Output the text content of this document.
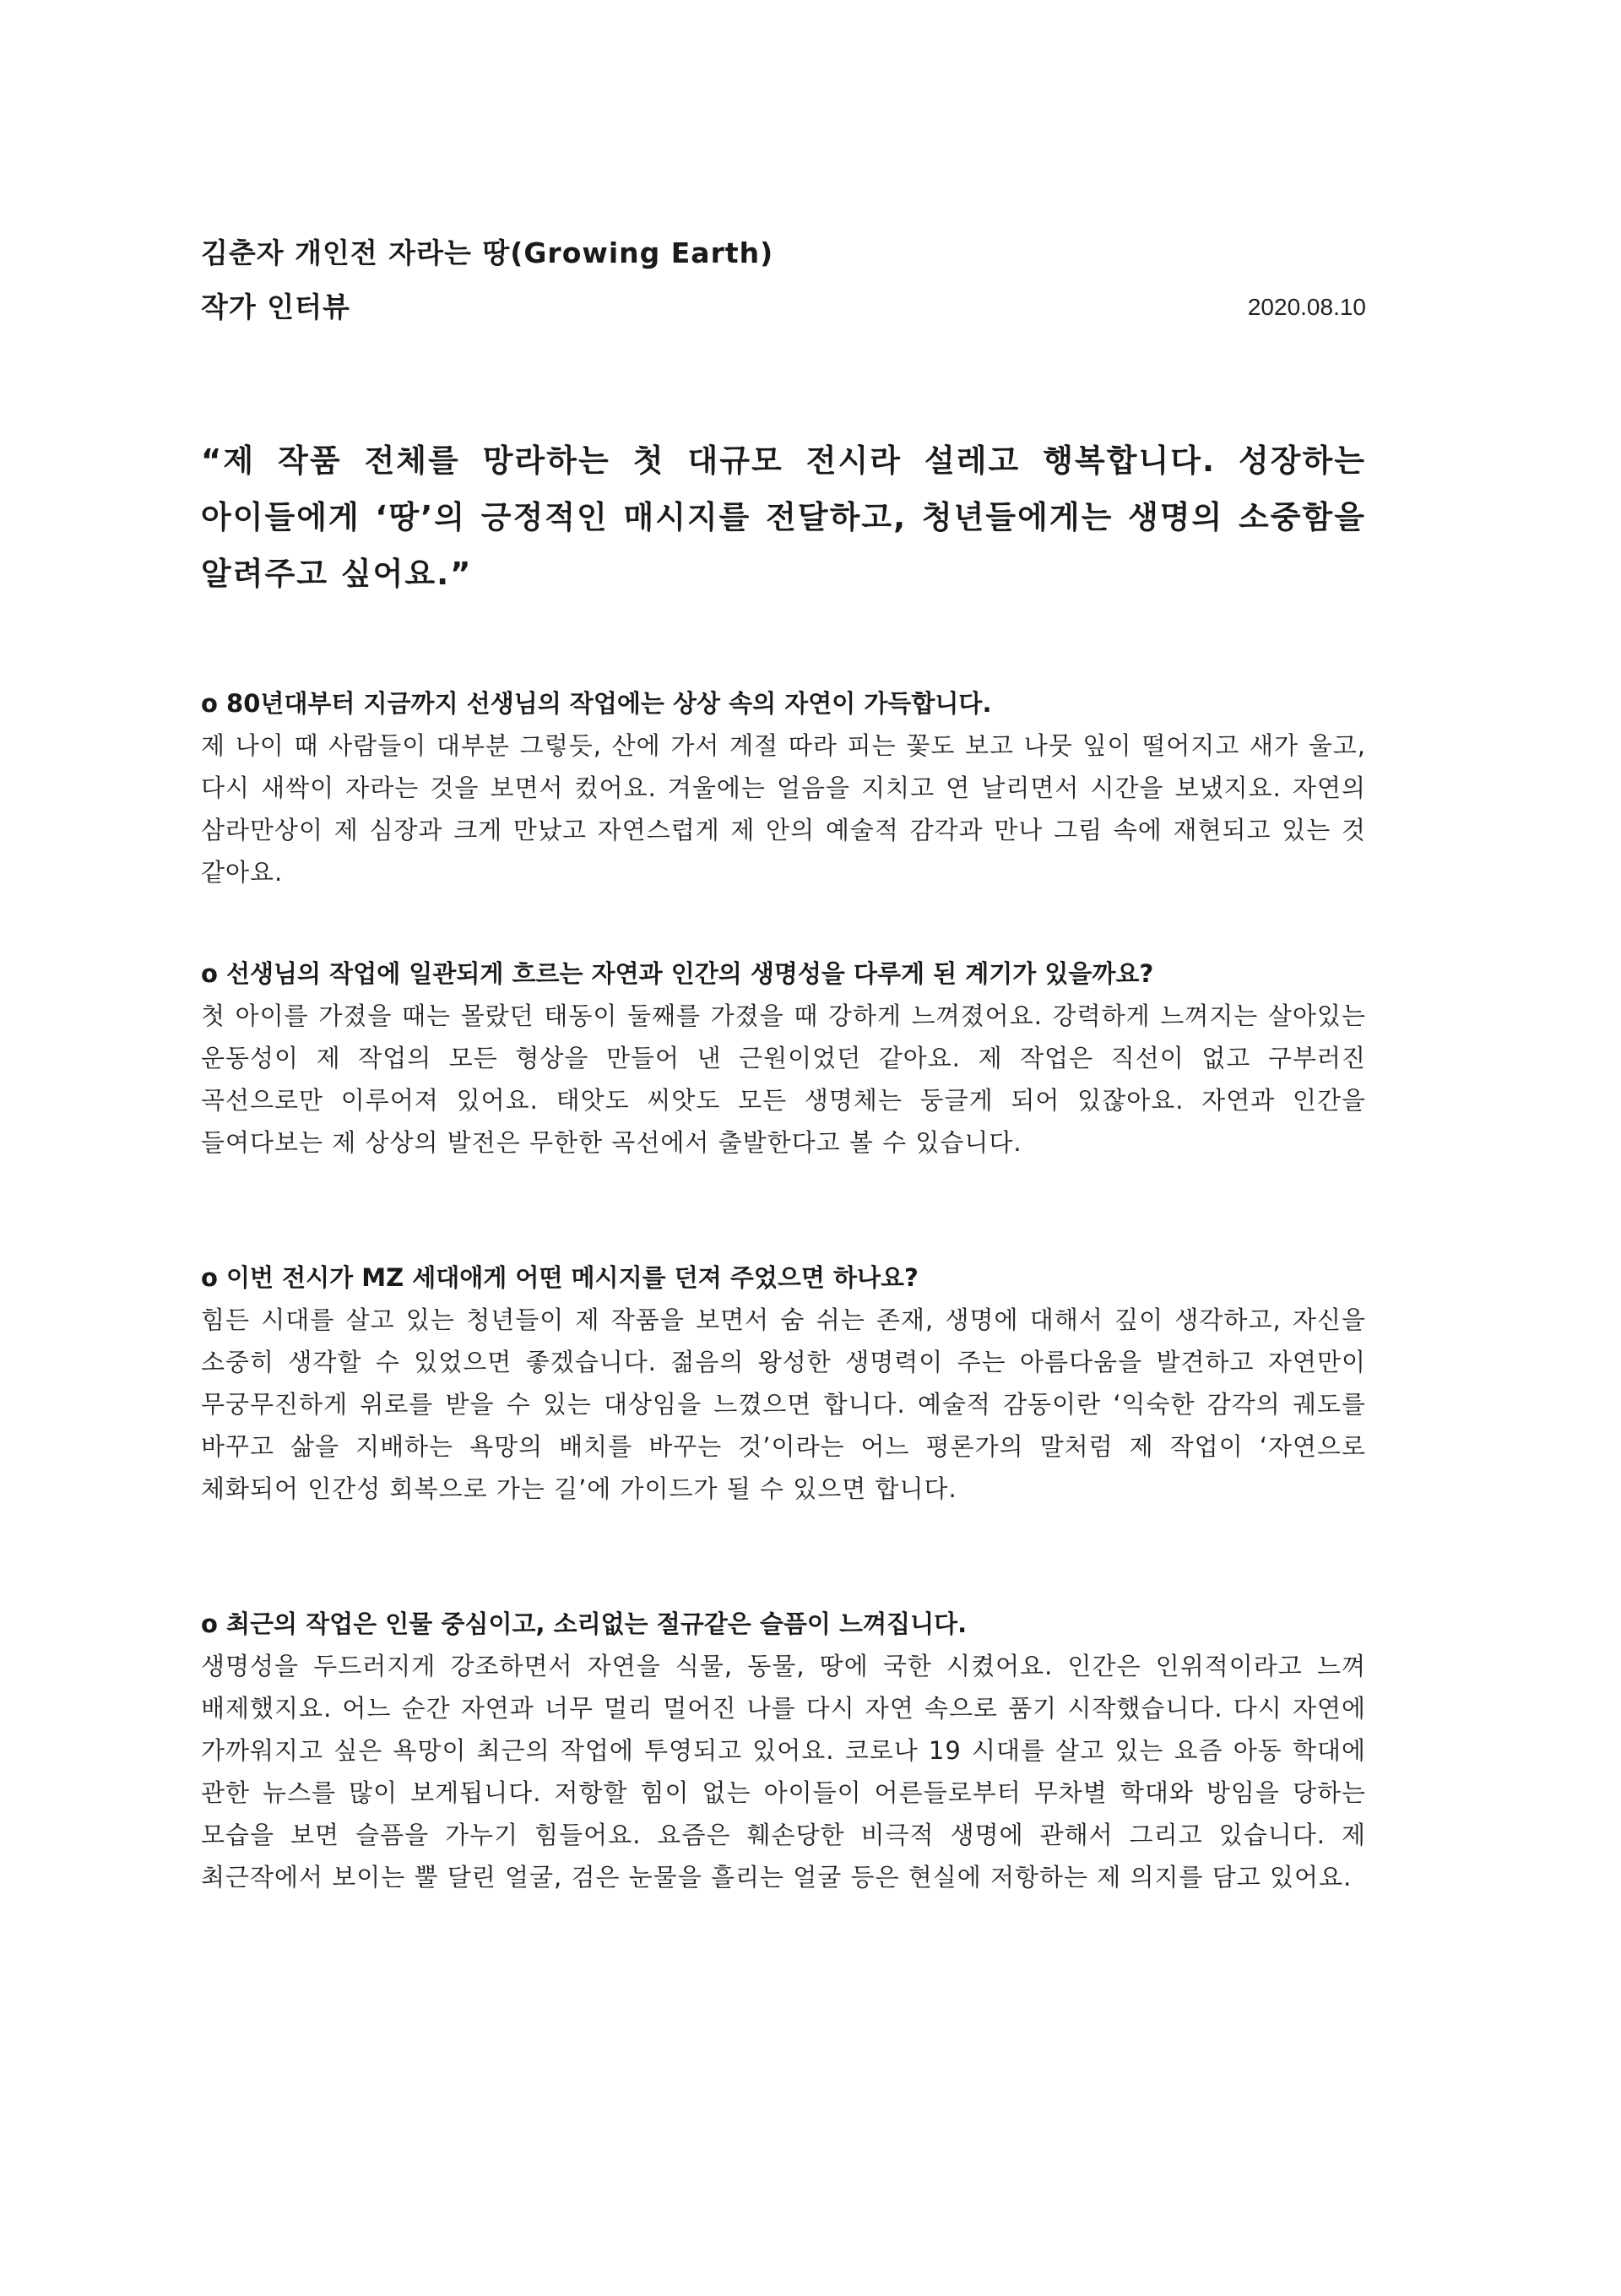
김춘자 개인전 자라는 땅(Growing Earth)
작가 인터뷰	2020.08.10
“제 작품 전체를 망라하는 첫 대규모 전시라 설레고 행복합니다. 성장하는 아이들에게 ‘땅’의 긍정적인 매시지를 전달하고, 청년들에게는 생명의 소중함을 알려주고 싶어요.”
o 80년대부터 지금까지 선생님의 작업에는 상상 속의 자연이 가득합니다.
제 나이 때 사람들이 대부분 그렇듯, 산에 가서 계절 따라 피는 꽃도 보고 나뭇 잎이 떨어지고 새가 울고, 다시 새싹이 자라는 것을 보면서 컸어요. 겨울에는 얼음을 지치고 연 날리면서 시간을 보냈지요. 자연의 삼라만상이 제 심장과 크게 만났고 자연스럽게 제 안의 예술적 감각과 만나 그림 속에 재현되고 있는 것 같아요.
o 선생님의 작업에 일관되게 흐르는 자연과 인간의 생명성을 다루게 된 계기가 있을까요?
첫 아이를 가졌을 때는 몰랐던 태동이 둘째를 가졌을 때 강하게 느껴졌어요. 강력하게 느껴지는 살아있는 운동성이 제 작업의 모든 형상을 만들어 낸 근원이었던 같아요. 제 작업은 직선이 없고 구부러진 곡선으로만 이루어져 있어요. 태앗도 씨앗도 모든 생명체는 둥글게 되어 있잖아요. 자연과 인간을 들여다보는 제 상상의 발전은 무한한 곡선에서 출발한다고 볼 수 있습니다.
o 이번 전시가 MZ 세대애게 어떤 메시지를 던져 주었으면 하나요?
힘든 시대를 살고 있는 청년들이 제 작품을 보면서 숨 쉬는 존재, 생명에 대해서 깊이 생각하고, 자신을 소중히 생각할 수 있었으면 좋겠습니다. 젊음의 왕성한 생명력이 주는 아름다움을 발견하고 자연만이 무궁무진하게 위로를 받을 수 있는 대상임을 느꼈으면 합니다. 예술적 감동이란 ‘익숙한 감각의 궤도를 바꾸고 삶을 지배하는 욕망의 배치를 바꾸는 것’이라는 어느 평론가의 말처럼 제 작업이 ‘자연으로 체화되어 인간성 회복으로 가는 길’에 가이드가 될 수 있으면 합니다.
o 최근의 작업은 인물 중심이고, 소리없는 절규같은 슬픔이 느껴집니다.
생명성을 두드러지게 강조하면서 자연을 식물, 동물, 땅에 국한 시켰어요. 인간은 인위적이라고 느껴 배제했지요. 어느 순간 자연과 너무 멀리 멀어진 나를 다시 자연 속으로 품기 시작했습니다. 다시 자연에 가까워지고 싶은 욕망이 최근의 작업에 투영되고 있어요. 코로나 19 시대를 살고 있는 요즘 아동 학대에 관한 뉴스를 많이 보게됩니다. 저항할 힘이 없는 아이들이 어른들로부터 무차별 학대와 방임을 당하는 모습을 보면 슬픔을 가누기 힘들어요. 요즘은 훼손당한 비극적 생명에 관해서 그리고 있습니다. 제 최근작에서 보이는 뿔 달린 얼굴, 검은 눈물을 흘리는 얼굴 등은 현실에 저항하는 제 의지를 담고 있어요.
